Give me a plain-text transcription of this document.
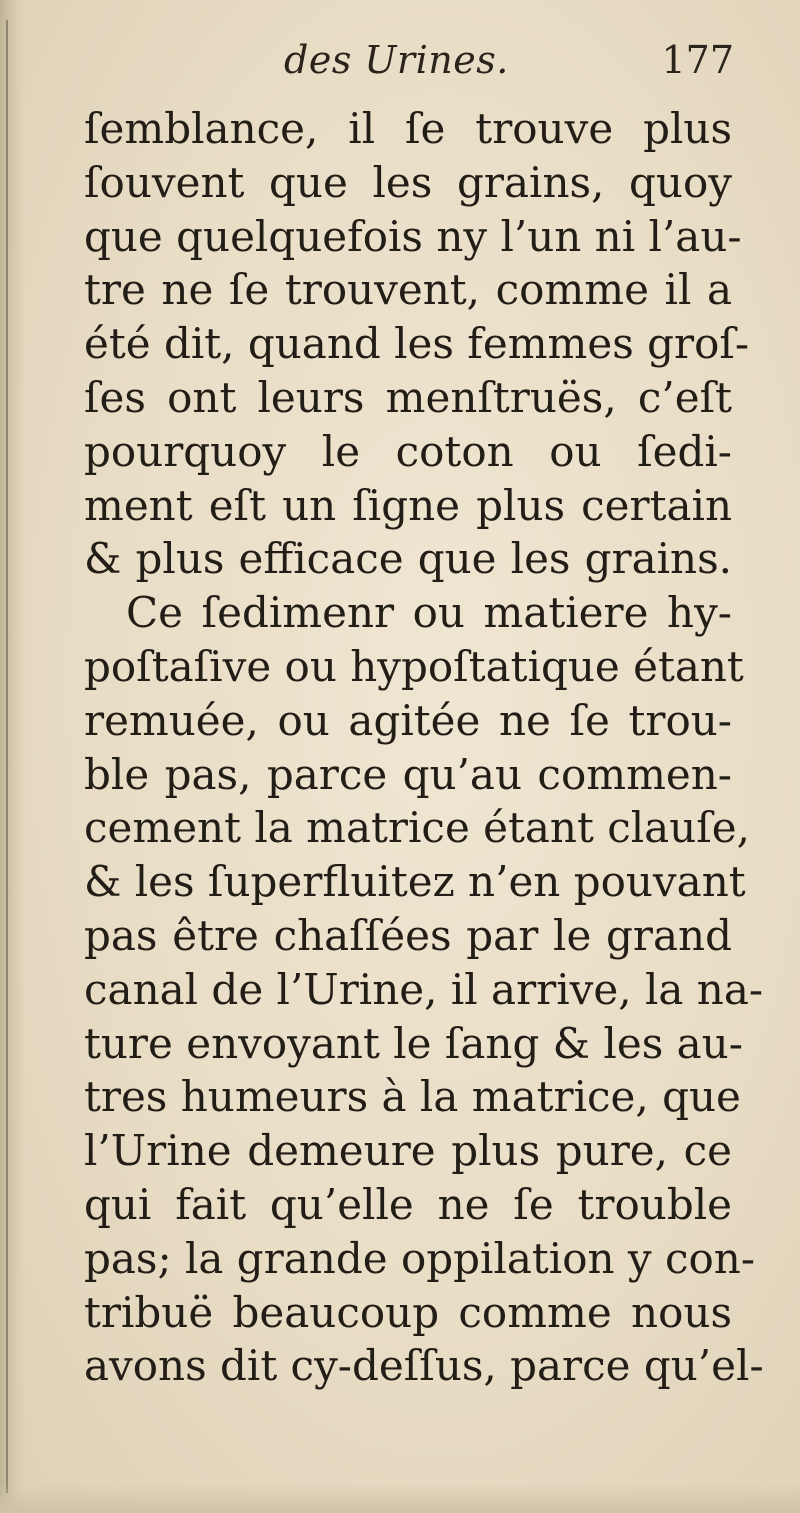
des Urines.	177
ſemblance, il ſe trouve plus
ſouvent que les grains, quoy
que quelquefois ny l’un ni l’au-
tre ne ſe trouvent, comme il a
été dit, quand les femmes groſ-
ſes ont leurs menſtruës, c’eſt
pourquoy le coton ou ſedi-
ment eſt un ſigne plus certain
& plus efficace que les grains.
Ce ſedimenr ou matiere hy-
poſtaſive ou hypoſtatique étant
remuée, ou agitée ne ſe trou-
ble pas, parce qu’au commen-
cement la matrice étant clauſe,
& les ſuperfluitez n’en pouvant
pas être chaſſées par le grand
canal de l’Urine, il arrive, la na-
ture envoyant le ſang & les au-
tres humeurs à la matrice, que
l’Urine demeure plus pure, ce
qui fait qu’elle ne ſe trouble
pas; la grande oppilation y con-
tribuë beaucoup comme nous
avons dit cy-deſſus, parce qu’el-
